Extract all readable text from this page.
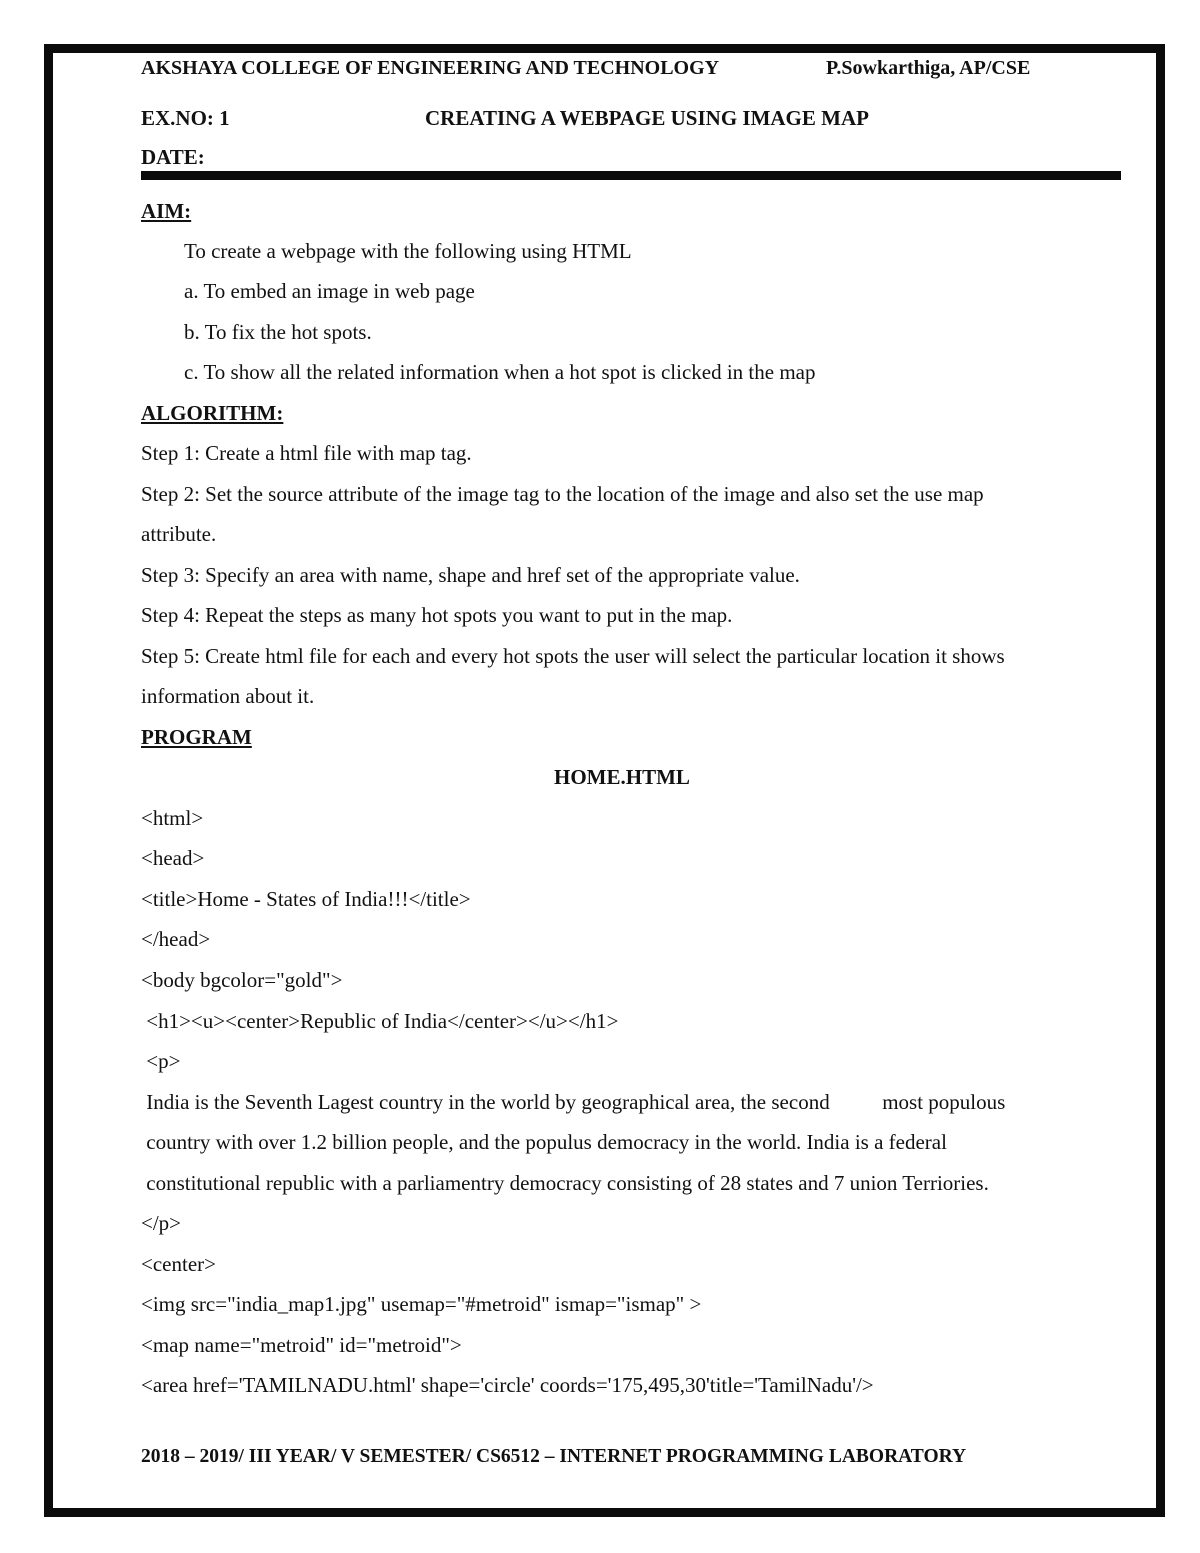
AKSHAYA COLLEGE OF ENGINEERING AND TECHNOLOGY	P.Sowkarthiga, AP/CSE
EX.NO: 1	CREATING A WEBPAGE USING IMAGE MAP
DATE:
AIM:
To create a webpage with the following using HTML
a. To embed an image in web page
b. To fix the hot spots.
c. To show all the related information when a hot spot is clicked in the map
ALGORITHM:
Step 1: Create a html file with map tag.
Step 2: Set the source attribute of the image tag to the location of the image and also set the use map
attribute.
Step 3: Specify an area with name, shape and href set of the appropriate value.
Step 4: Repeat the steps as many hot spots you want to put in the map.
Step 5: Create html file for each and every hot spots the user will select the particular location it shows
information about it.
PROGRAM
HOME.HTML
<html>
<head>
<title>Home - States of India!!!</title>
</head>
<body bgcolor="gold">
<h1><u><center>Republic of India</center></u></h1>
<p>
India is the Seventh Lagest country in the world by geographical area, the second          most populous
country with over 1.2 billion people, and the populus democracy in the world. India is a federal
constitutional republic with a parliamentry democracy consisting of 28 states and 7 union Terriories.
</p>
<center>
<img src="india_map1.jpg" usemap="#metroid" ismap="ismap" >
<map name="metroid" id="metroid">
<area href='TAMILNADU.html' shape='circle' coords='175,495,30'title='TamilNadu'/>
2018 – 2019/ III YEAR/ V SEMESTER/ CS6512 – INTERNET PROGRAMMING LABORATORY
